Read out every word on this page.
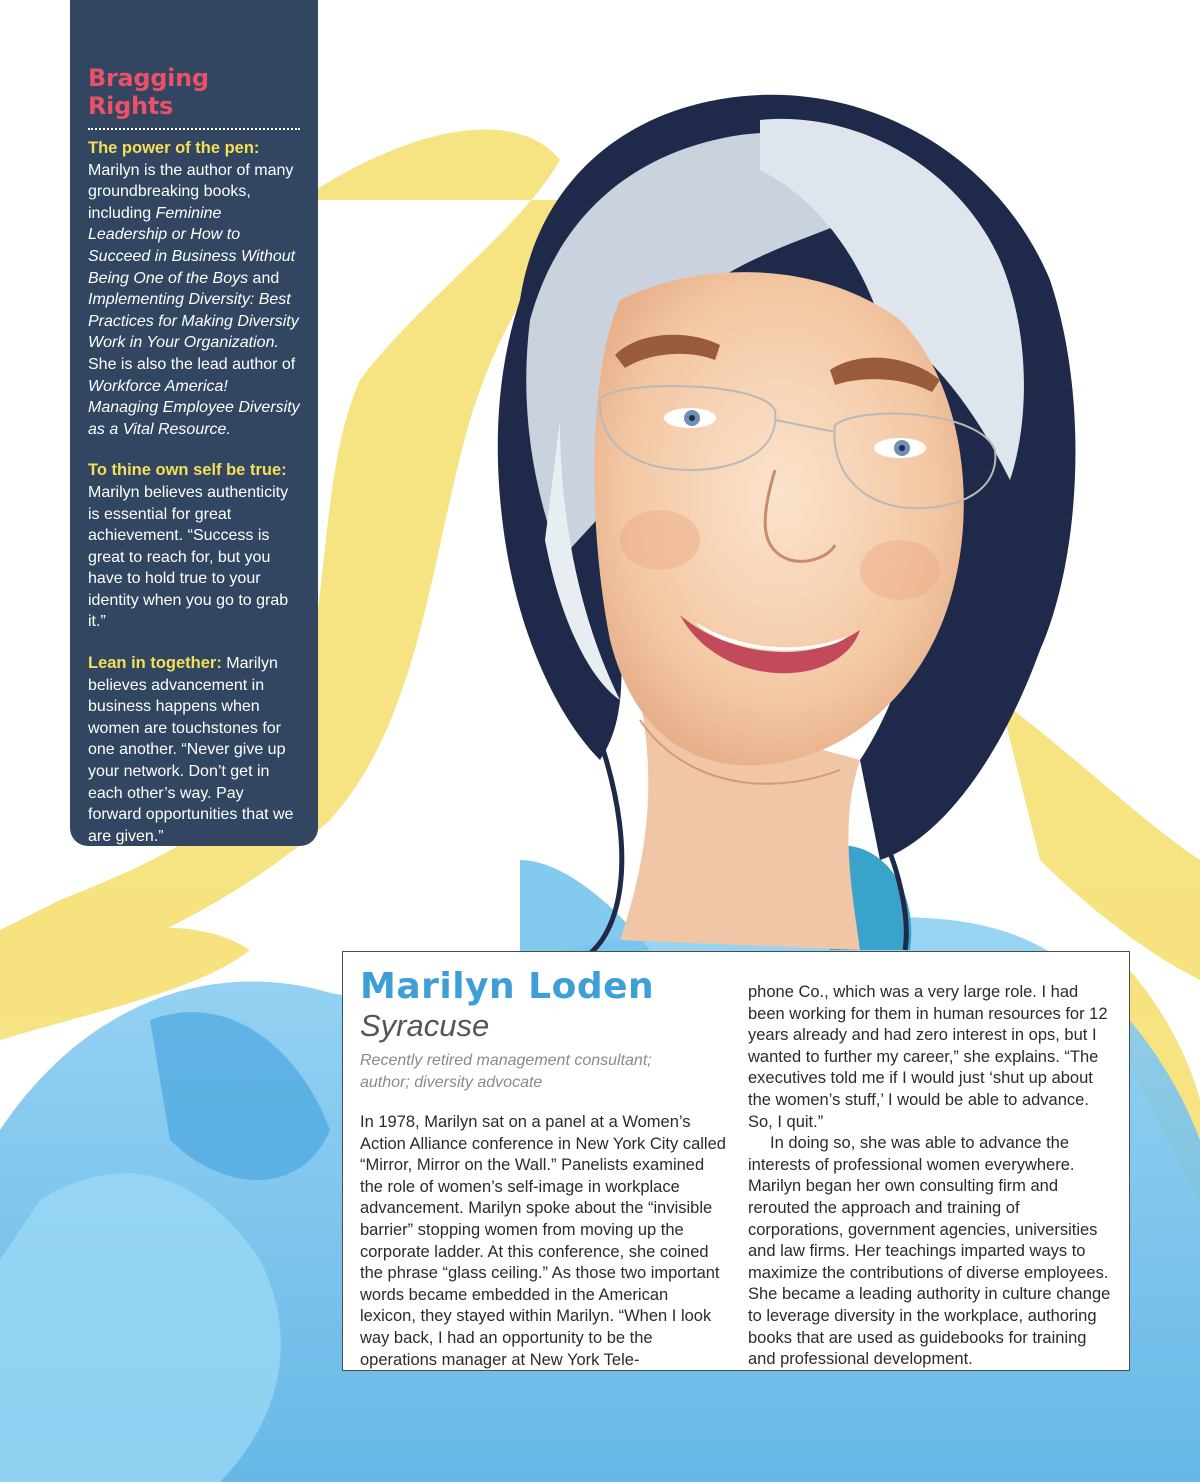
Bragging Rights
The power of the pen: Marilyn is the author of many groundbreaking books, including Feminine Leadership or How to Succeed in Business Without Being One of the Boys and Implementing Diversity: Best Practices for Making Diversity Work in Your Organization. She is also the lead author of Workforce America! Managing Employee Diversity as a Vital Resource.
To thine own self be true: Marilyn believes authenticity is essential for great achievement. “Success is great to reach for, but you have to hold true to your identity when you go to grab it.”
Lean in together: Marilyn believes advancement in business happens when women are touchstones for one another. “Never give up your network. Don’t get in each other’s way. Pay forward opportunities that we are given.”
Marilyn Loden
Syracuse
Recently retired management consultant;
author; diversity advocate

In 1978, Marilyn sat on a panel at a Women’s Action Alliance conference in New York City called “Mirror, Mirror on the Wall.” Panelists examined the role of women’s self-image in workplace advancement. Marilyn spoke about the “invisible barrier” stopping women from moving up the corporate ladder. At this conference, she coined the phrase “glass ceiling.” As those two important words became embedded in the American lexicon, they stayed within Marilyn. “When I look way back, I had an opportunity to be the operations manager at New York Tele-

phone Co., which was a very large role. I had been working for them in human resources for 12 years already and had zero interest in ops, but I wanted to further my career,” she explains. “The executives told me if I would just ‘shut up about the women’s stuff,’ I would be able to advance. So, I quit.”

In doing so, she was able to advance the interests of professional women everywhere. Marilyn began her own consulting firm and rerouted the approach and training of corporations, government agencies, universities and law firms. Her teachings imparted ways to maximize the contributions of diverse employees. She became a leading authority in culture change to leverage diversity in the workplace, authoring books that are used as guidebooks for training and professional development.
